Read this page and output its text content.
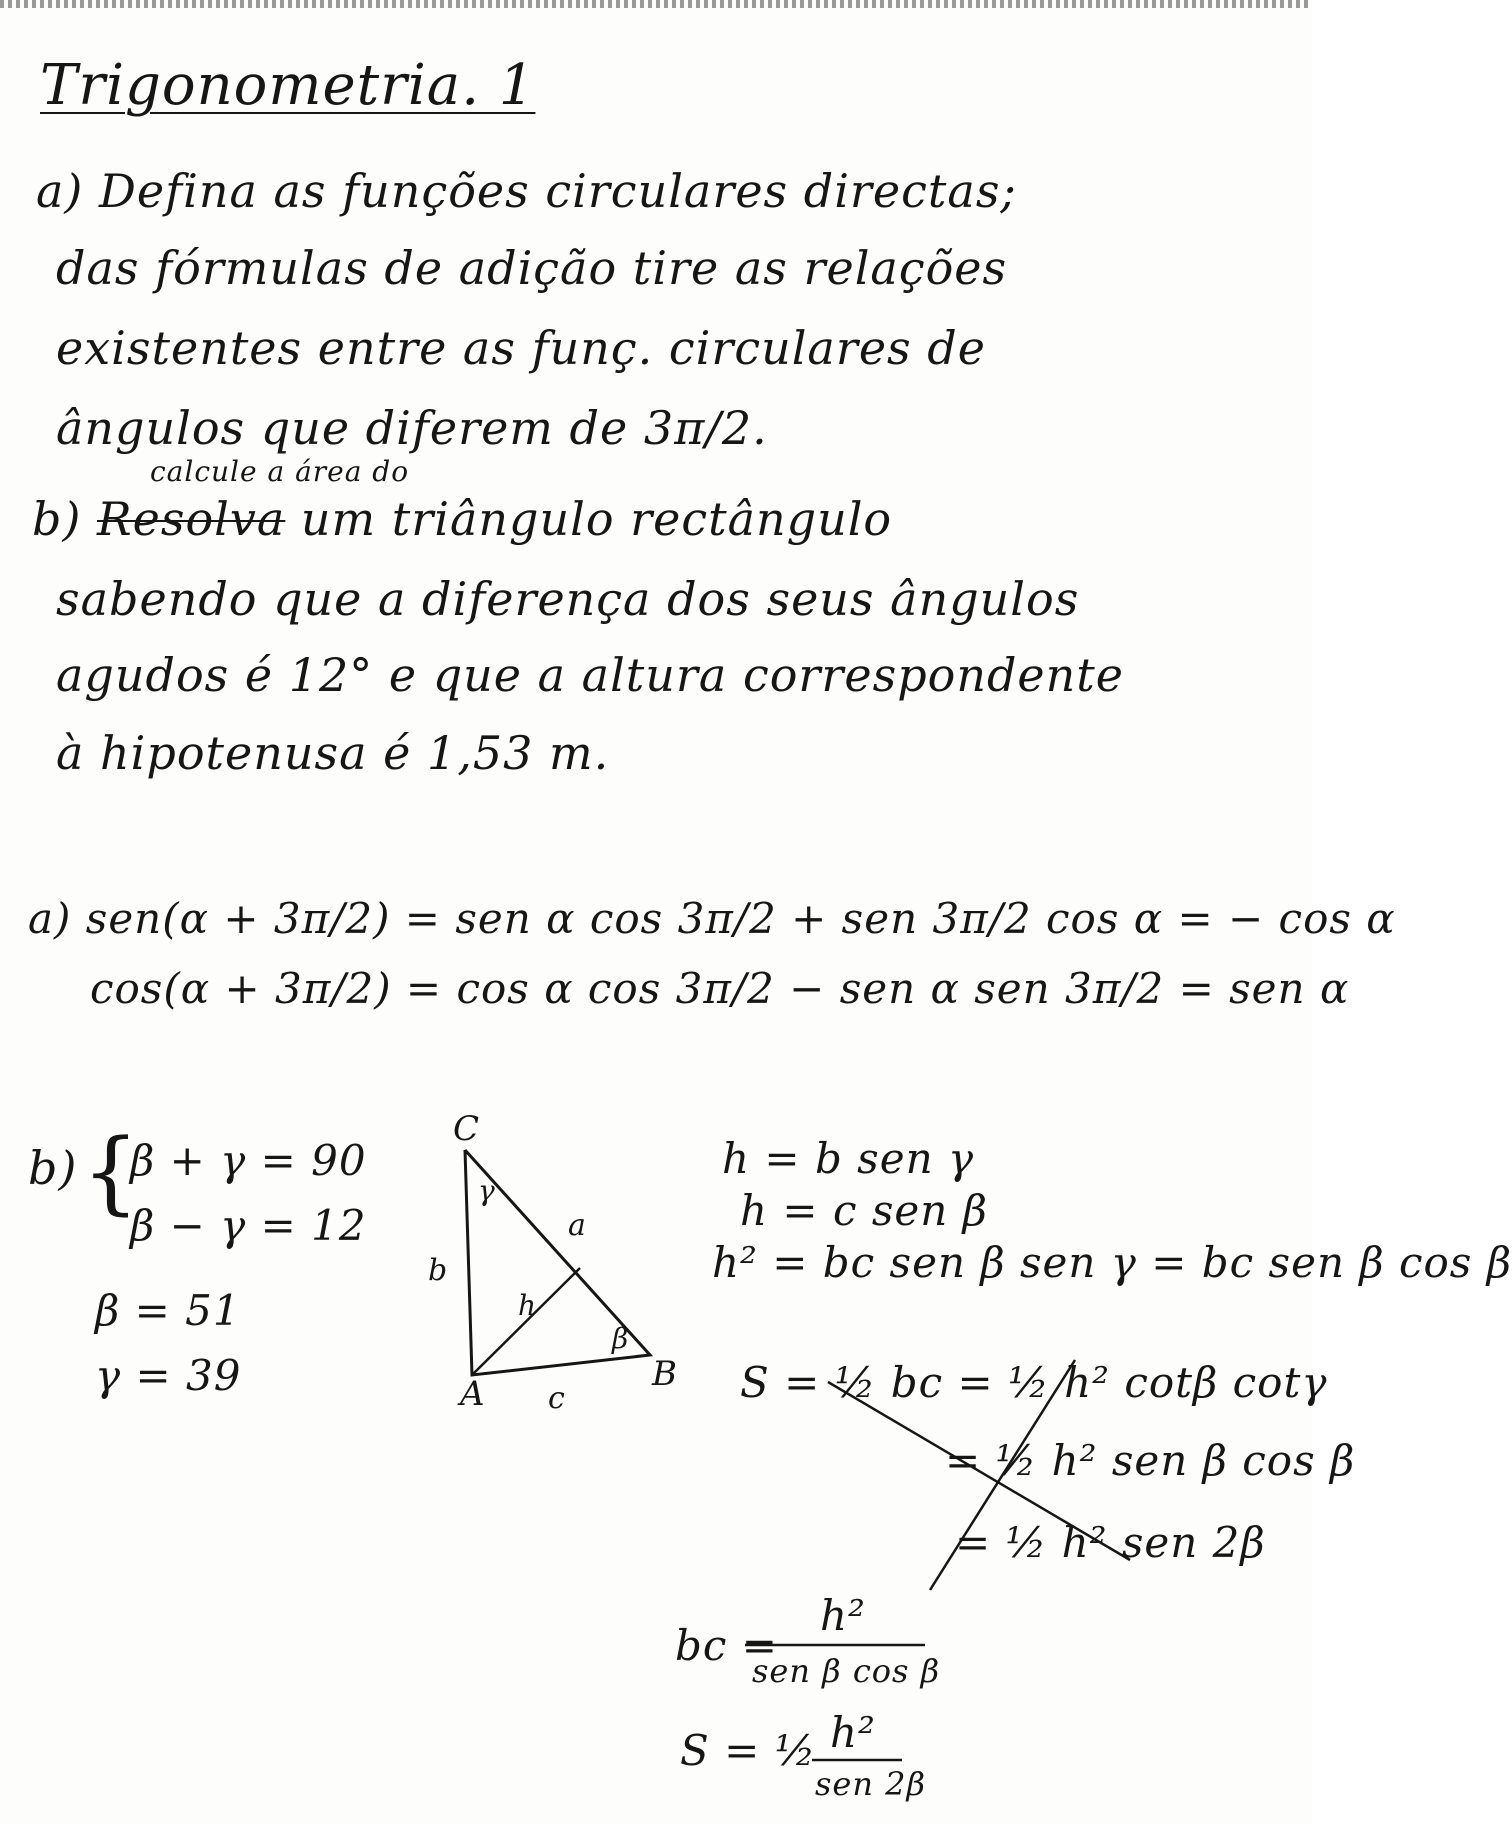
Trigonometria. 1
a) Defina as funções circulares directas;
das fórmulas de adição tire as relações
existentes entre as funç. circulares de
ângulos que diferem de 3π/2.
calcule a área do
b) Resolva um triângulo rectângulo
sabendo que a diferença dos seus ângulos
agudos é 12° e que a altura correspondente
à hipotenusa é 1,53 m.
a) sen(α + 3π/2) = sen α cos 3π/2 + sen 3π/2 cos α = − cos α
cos(α + 3π/2) = cos α cos 3π/2 − sen α sen 3π/2 = sen α
b) {
β + γ = 90
β − γ = 12
β = 51
γ = 39
C
A	B
a
b
c
h
γ
β
h = b sen γ
h = c sen β
h² = bc sen β sen γ = bc sen β cos β
S = ½ bc = ½ h² cotβ cotγ
= ½ h² sen β cos β
= ½ h² sen 2β
bc =
h²
sen β cos β
S = ½ h²
sen 2β
